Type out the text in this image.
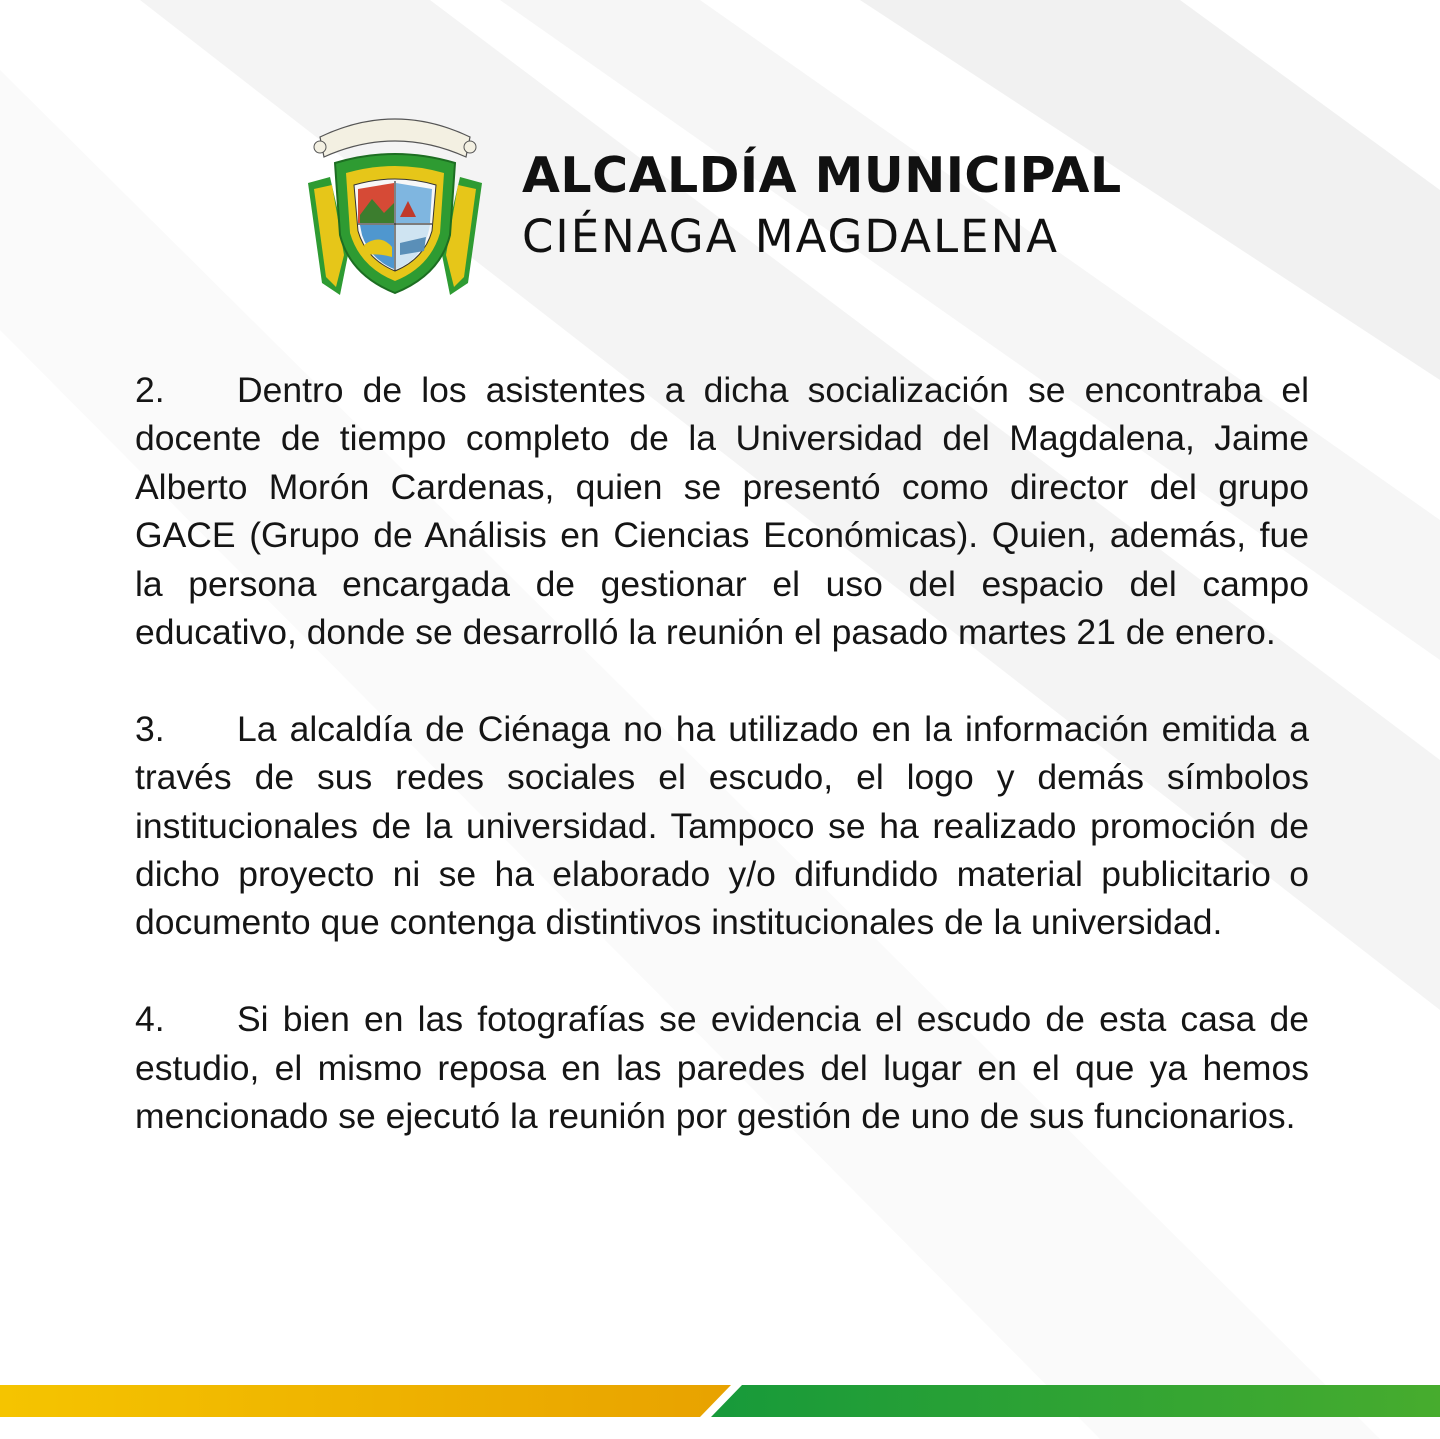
ALCALDÍA MUNICIPAL
CIÉNAGA MAGDALENA

2. Dentro de los asistentes a dicha socialización se encontraba el docente de tiempo completo de la Universidad del Magdalena, Jaime Alberto Morón Cardenas, quien se presentó como director del grupo GACE (Grupo de Análisis en Ciencias Económicas). Quien, además, fue la persona encargada de gestionar el uso del espacio del campo educativo, donde se desarrolló la reunión el pasado martes 21 de enero.

3. La alcaldía de Ciénaga no ha utilizado en la información emitida a través de sus redes sociales el escudo, el logo y demás símbolos institucionales de la universidad. Tampoco se ha realizado promoción de dicho proyecto ni se ha elaborado y/o difundido material publicitario o documento que contenga distintivos institucionales de la universidad.

4. Si bien en las fotografías se evidencia el escudo de esta casa de estudio, el mismo reposa en las paredes del lugar en el que ya hemos mencionado se ejecutó la reunión por gestión de uno de sus funcionarios.
